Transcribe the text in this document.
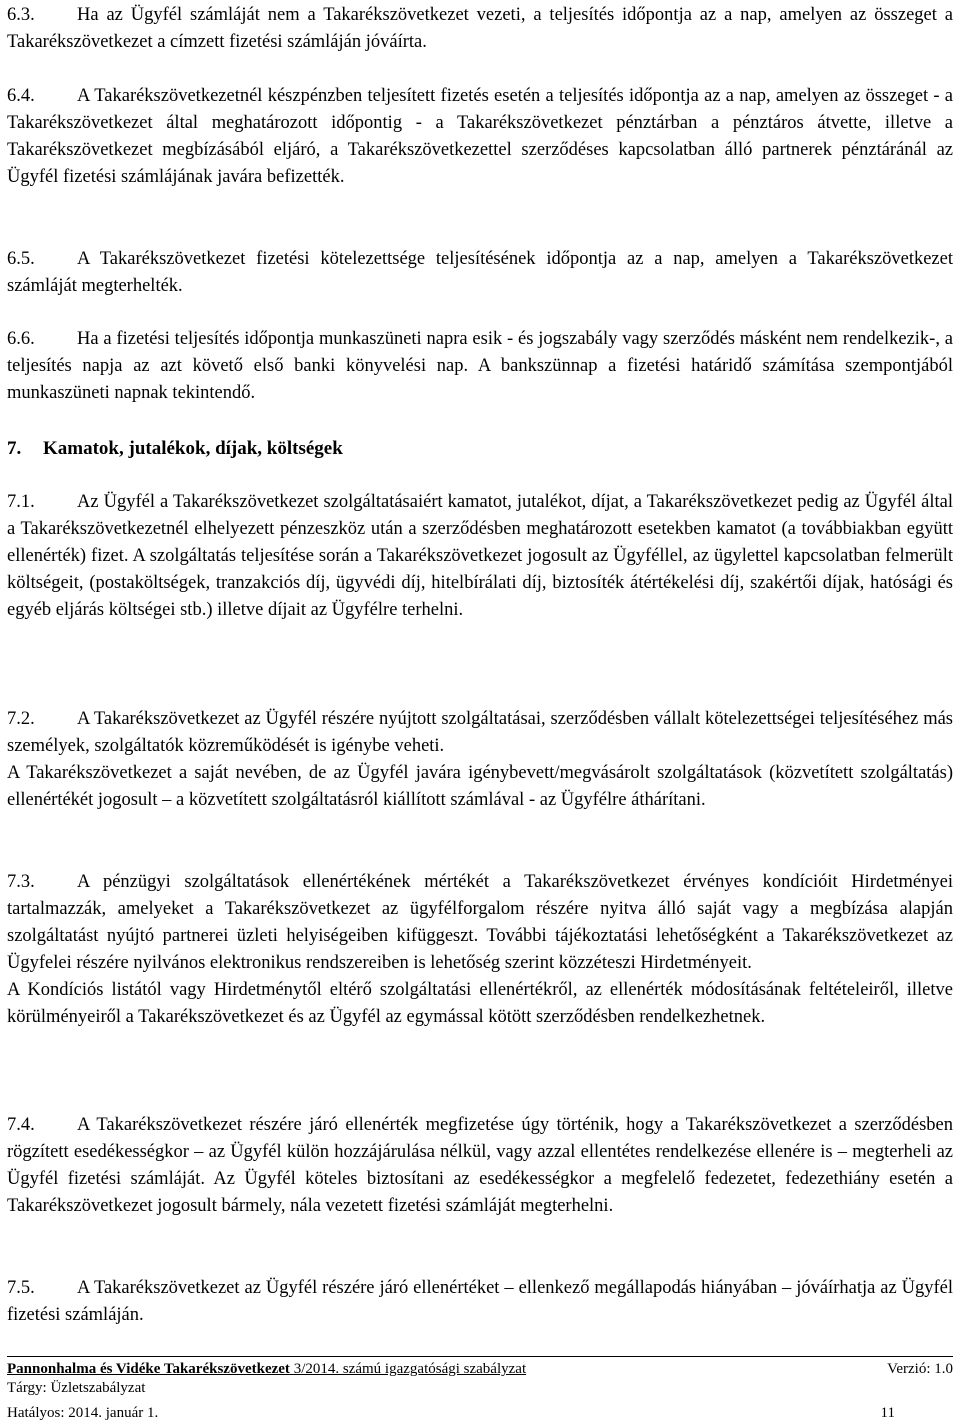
6.3. Ha az Ügyfél számláját nem a Takarékszövetkezet vezeti, a teljesítés időpontja az a nap, amelyen az összeget a Takarékszövetkezet a címzett fizetési számláján jóváírta.

6.4. A Takarékszövetkezetnél készpénzben teljesített fizetés esetén a teljesítés időpontja az a nap, amelyen az összeget - a Takarékszövetkezet által meghatározott időpontig - a Takarékszövetkezet pénztárban a pénztáros átvette, illetve a Takarékszövetkezet megbízásából eljáró, a Takarékszövetkezettel szerződéses kapcsolatban álló partnerek pénztáránál az Ügyfél fizetési számlájának javára befizették.

6.5. A Takarékszövetkezet fizetési kötelezettsége teljesítésének időpontja az a nap, amelyen a Takarékszövetkezet számláját megterhelték.

6.6. Ha a fizetési teljesítés időpontja munkaszüneti napra esik - és jogszabály vagy szerződés másként nem rendelkezik-, a teljesítés napja az azt követő első banki könyvelési nap. A bankszünnap a fizetési határidő számítása szempontjából munkaszüneti napnak tekintendő.

7. Kamatok, jutalékok, díjak, költségek

7.1. Az Ügyfél a Takarékszövetkezet szolgáltatásaiért kamatot, jutalékot, díjat, a Takarékszövetkezet pedig az Ügyfél által a Takarékszövetkezetnél elhelyezett pénzeszköz után a szerződésben meghatározott esetekben kamatot (a továbbiakban együtt ellenérték) fizet. A szolgáltatás teljesítése során a Takarékszövetkezet jogosult az Ügyféllel, az ügylettel kapcsolatban felmerült költségeit, (postaköltségek, tranzakciós díj, ügyvédi díj, hitelbírálati díj, biztosíték átértékelési díj, szakértői díjak, hatósági és egyéb eljárás költségei stb.) illetve díjait az Ügyfélre terhelni.

7.2. A Takarékszövetkezet az Ügyfél részére nyújtott szolgáltatásai, szerződésben vállalt kötelezettségei teljesítéséhez más személyek, szolgáltatók közreműködését is igénybe veheti.

A Takarékszövetkezet a saját nevében, de az Ügyfél javára igénybevett/megvásárolt szolgáltatások (közvetített szolgáltatás) ellenértékét jogosult – a közvetített szolgáltatásról kiállított számlával - az Ügyfélre áthárítani.

7.3. A pénzügyi szolgáltatások ellenértékének mértékét a Takarékszövetkezet érvényes kondícióit Hirdetményei tartalmazzák, amelyeket a Takarékszövetkezet az ügyfélforgalom részére nyitva álló saját vagy a megbízása alapján szolgáltatást nyújtó partnerei üzleti helyiségeiben kifüggeszt. További tájékoztatási lehetőségként a Takarékszövetkezet az Ügyfelei részére nyilvános elektronikus rendszereiben is lehetőség szerint közzéteszi Hirdetményeit.

A Kondíciós listától vagy Hirdetménytől eltérő szolgáltatási ellenértékről, az ellenérték módosításának feltételeiről, illetve körülményeiről a Takarékszövetkezet és az Ügyfél az egymással kötött szerződésben rendelkezhetnek.

7.4. A Takarékszövetkezet részére járó ellenérték megfizetése úgy történik, hogy a Takarékszövetkezet a szerződésben rögzített esedékességkor – az Ügyfél külön hozzájárulása nélkül, vagy azzal ellentétes rendelkezése ellenére is – megterheli az Ügyfél fizetési számláját. Az Ügyfél köteles biztosítani az esedékességkor a megfelelő fedezetet, fedezethiány esetén a Takarékszövetkezet jogosult bármely, nála vezetett fizetési számláját megterhelni.

7.5. A Takarékszövetkezet az Ügyfél részére járó ellenértéket – ellenkező megállapodás hiányában – jóváírhatja az Ügyfél fizetési számláján.

Pannonhalma és Vidéke Takarékszövetkezet 3/2014. számú igazgatósági szabályzat	Verzió: 1.0
Tárgy: Üzletszabályzat
Hatályos: 2014. január 1.	11
